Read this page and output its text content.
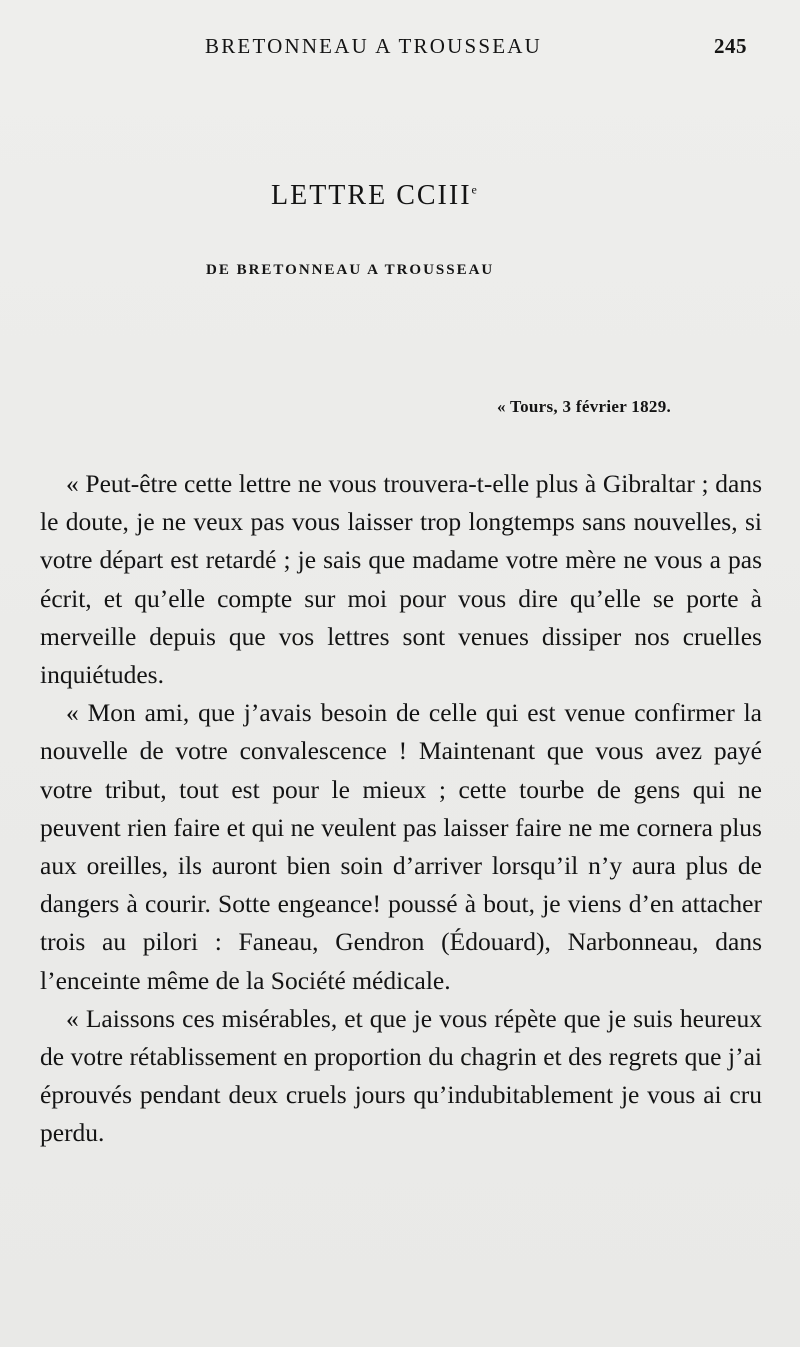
BRETONNEAU A TROUSSEAU	245
LETTRE CCIIIe
DE BRETONNEAU A TROUSSEAU
« Tours, 3 février 1829.

« Peut-être cette lettre ne vous trouvera-t-elle plus à Gibraltar ; dans le doute, je ne veux pas vous laisser trop longtemps sans nouvelles, si votre départ est retardé ; je sais que madame votre mère ne vous a pas écrit, et qu’elle compte sur moi pour vous dire qu’elle se porte à merveille depuis que vos lettres sont venues dissiper nos cruelles inquiétudes.

« Mon ami, que j’avais besoin de celle qui est venue confirmer la nouvelle de votre convalescence ! Maintenant que vous avez payé votre tribut, tout est pour le mieux ; cette tourbe de gens qui ne peuvent rien faire et qui ne veulent pas laisser faire ne me cornera plus aux oreilles, ils auront bien soin d’arriver lorsqu’il n’y aura plus de dangers à courir. Sotte engeance! poussé à bout, je viens d’en attacher trois au pilori : Faneau, Gendron (Édouard), Narbonneau, dans l’enceinte même de la Société médicale.

« Laissons ces misérables, et que je vous répète que je suis heureux de votre rétablissement en proportion du chagrin et des regrets que j’ai éprouvés pendant deux cruels jours qu’indubitablement je vous ai cru perdu.
